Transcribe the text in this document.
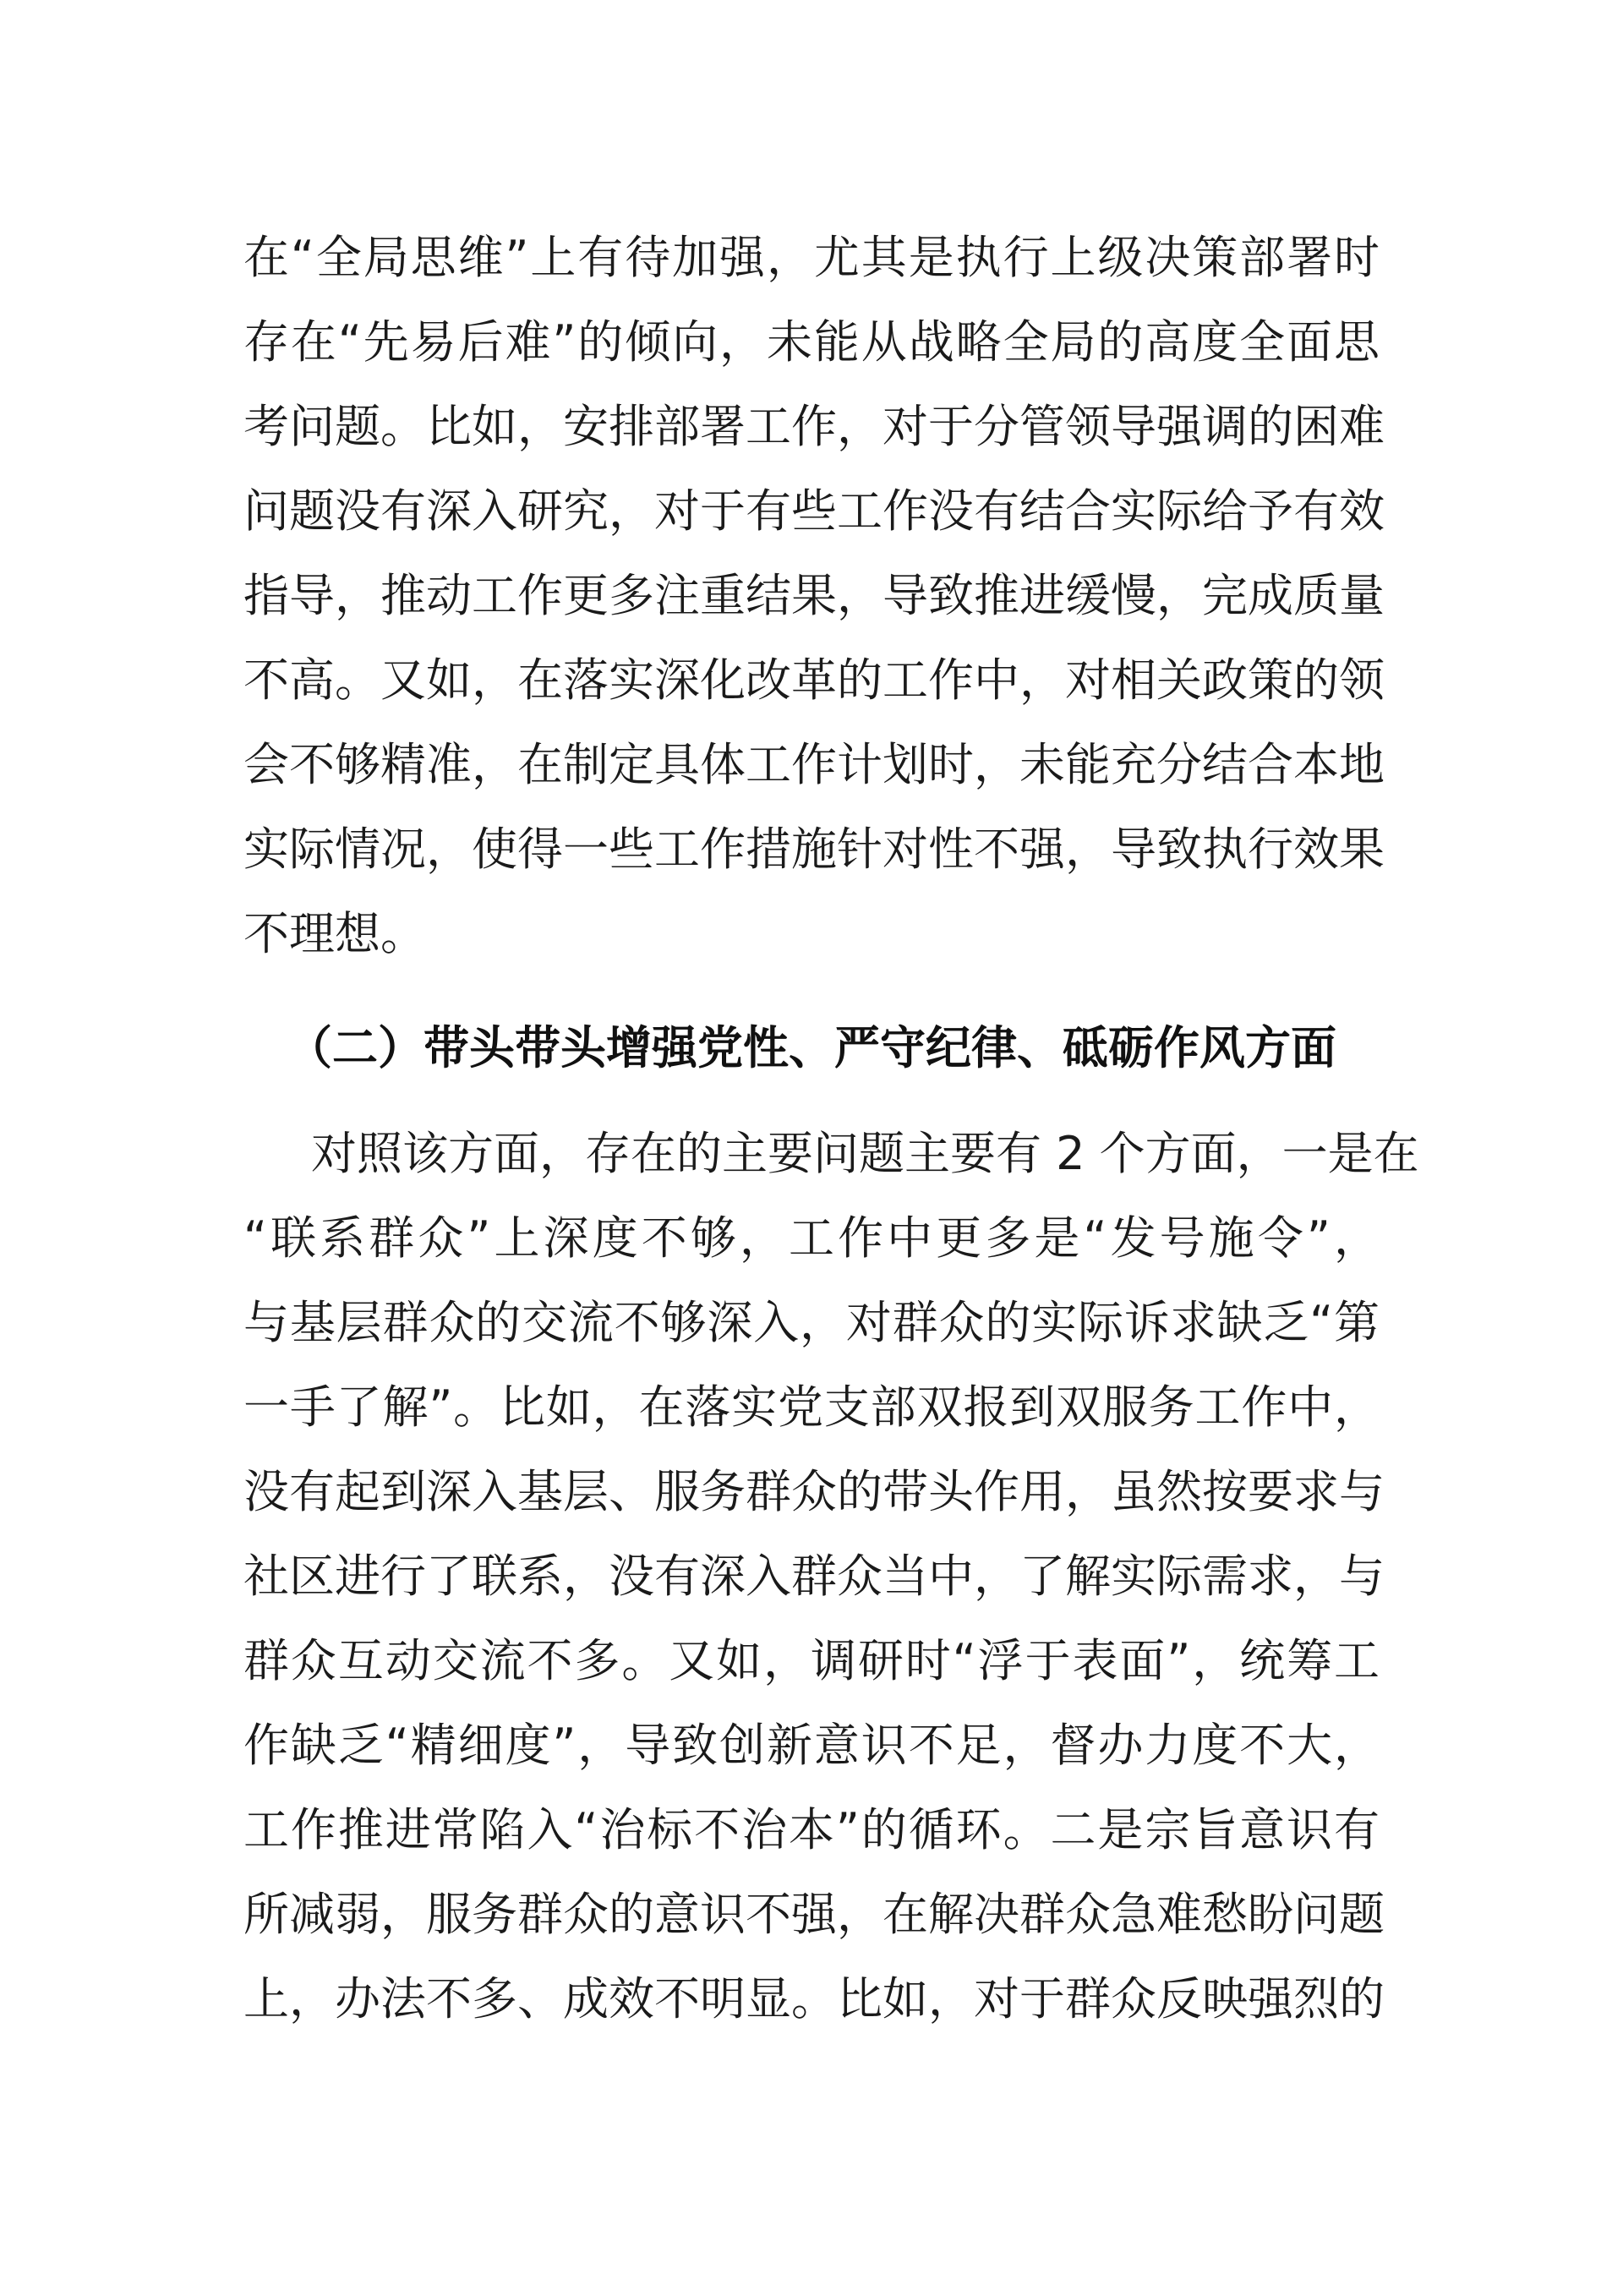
在“全局思维”上有待加强，尤其是执行上级决策部署时
存在“先易后难”的倾向，未能从战略全局的高度全面思
考问题。比如，安排部署工作，对于分管领导强调的困难
问题没有深入研究，对于有些工作没有结合实际给予有效
指导，推动工作更多注重结果，导致推进缓慢，完成质量
不高。又如，在落实深化改革的工作中，对相关政策的领
会不够精准，在制定具体工作计划时，未能充分结合本地
实际情况，使得一些工作措施针对性不强，导致执行效果
不理想。
（二）带头带头增强党性、严守纪律、砥砺作风方面
对照该方面，存在的主要问题主要有 2 个方面，一是在
“联系群众”上深度不够，工作中更多是“发号施令”，
与基层群众的交流不够深入，对群众的实际诉求缺乏“第
一手了解”。比如，在落实党支部双报到双服务工作中，
没有起到深入基层、服务群众的带头作用，虽然按要求与
社区进行了联系，没有深入群众当中，了解实际需求，与
群众互动交流不多。又如，调研时“浮于表面”，统筹工
作缺乏“精细度”，导致创新意识不足，督办力度不大，
工作推进常陷入“治标不治本”的循环。二是宗旨意识有
所减弱，服务群众的意识不强，在解决群众急难愁盼问题
上，办法不多、成效不明显。比如，对于群众反映强烈的
